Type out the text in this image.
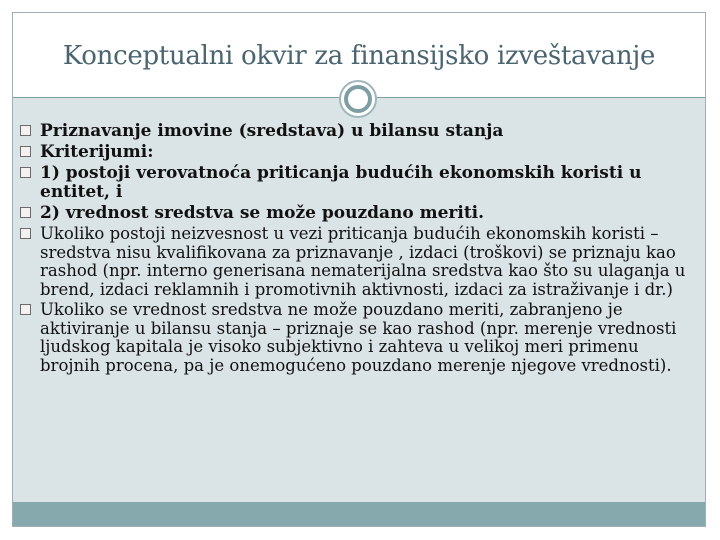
Konceptualni okvir za finansijsko izveštavanje
Priznavanje imovine (sredstava) u bilansu stanja
Kriterijumi:
1) postoji verovatnoća priticanja budućih ekonomskih koristi u entitet, i
2) vrednost sredstva se može pouzdano meriti.
Ukoliko postoji neizvesnost u vezi priticanja budućih ekonomskih koristi – sredstva nisu kvalifikovana za priznavanje , izdaci (troškovi) se priznaju kao rashod (npr. interno generisana nematerijalna sredstva kao što su ulaganja u brend, izdaci reklamnih i promotivnih aktivnosti, izdaci za istraživanje i dr.)
Ukoliko se vrednost sredstva ne može pouzdano meriti, zabranjeno je aktiviranje u bilansu stanja – priznaje se kao rashod (npr. merenje vrednosti ljudskog kapitala je visoko subjektivno i zahteva u velikoj meri primenu brojnih procena, pa je onemogućeno pouzdano merenje njegove vrednosti).
